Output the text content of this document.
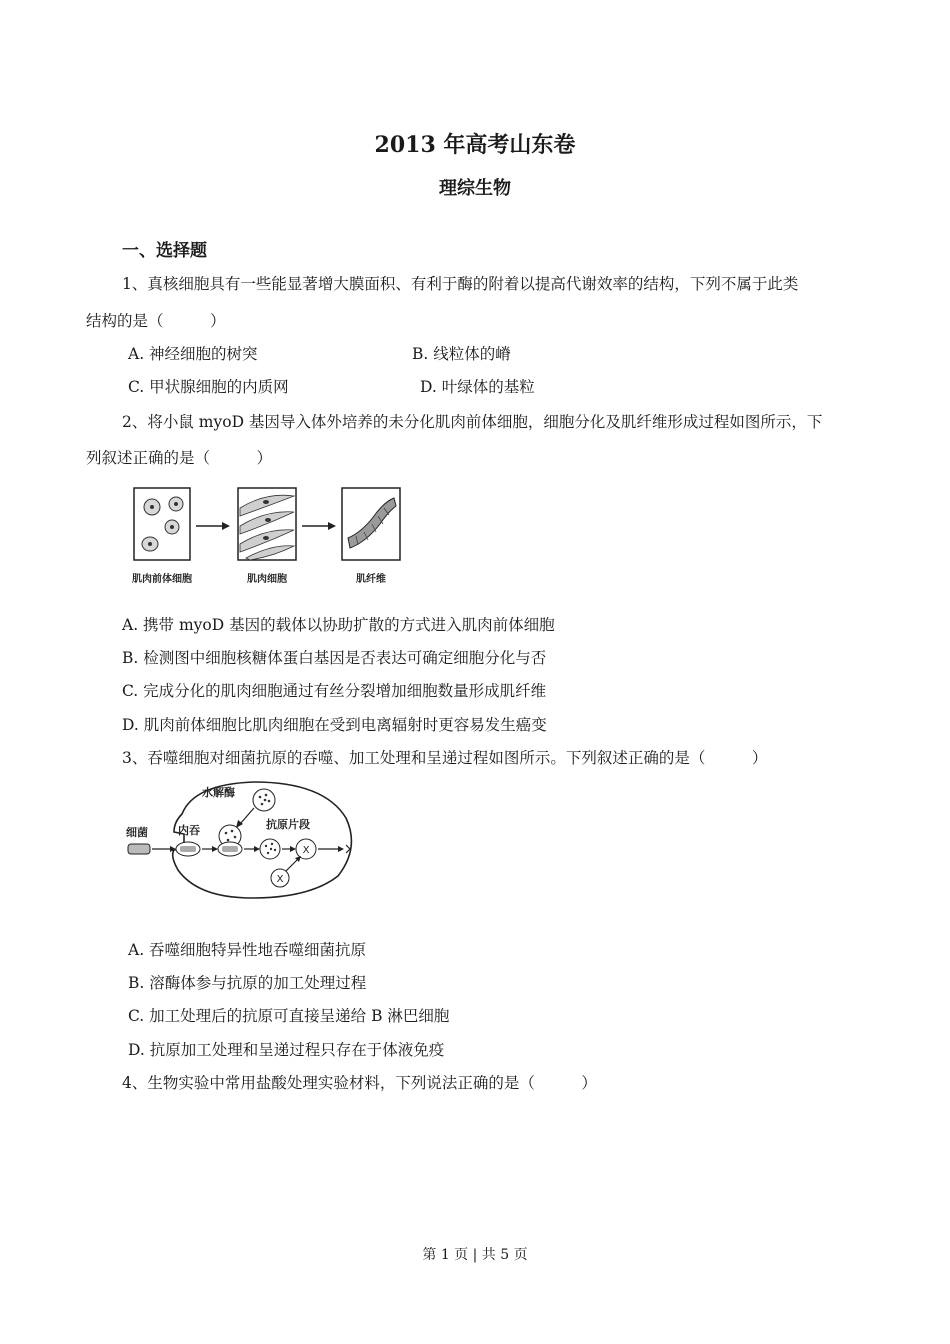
2013 年高考山东卷
理综生物
一、选择题
1、真核细胞具有一些能显著增大膜面积、有利于酶的附着以提高代谢效率的结构，下列不属于此类
结构的是（　　　）
A. 神经细胞的树突	B. 线粒体的嵴
C. 甲状腺细胞的内质网	D. 叶绿体的基粒
2、将小鼠 myoD 基因导入体外培养的未分化肌肉前体细胞，细胞分化及肌纤维形成过程如图所示，下
列叙述正确的是（　　　）
肌肉前体细胞	肌肉细胞	肌纤维
A. 携带 myoD 基因的载体以协助扩散的方式进入肌肉前体细胞
B. 检测图中细胞核糖体蛋白基因是否表达可确定细胞分化与否
C. 完成分化的肌肉细胞通过有丝分裂增加细胞数量形成肌纤维
D. 肌肉前体细胞比肌肉细胞在受到电离辐射时更容易发生癌变
3、吞噬细胞对细菌抗原的吞噬、加工处理和呈递过程如图所示。下列叙述正确的是（　　　）
细菌	内吞
水解酶
抗原片段
X
X
A. 吞噬细胞特异性地吞噬细菌抗原
B. 溶酶体参与抗原的加工处理过程
C. 加工处理后的抗原可直接呈递给 B 淋巴细胞
D. 抗原加工处理和呈递过程只存在于体液免疫
4、生物实验中常用盐酸处理实验材料，下列说法正确的是（　　　）
第 1 页 | 共 5 页
